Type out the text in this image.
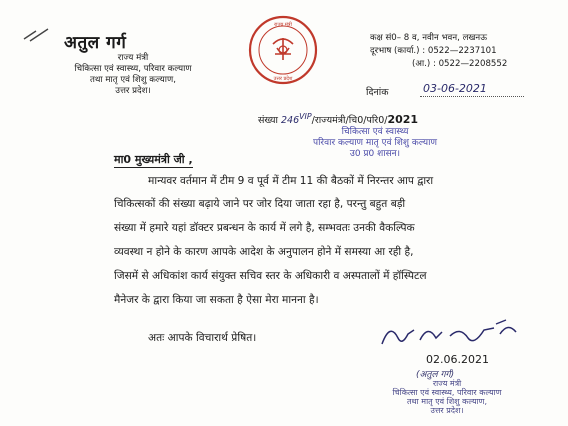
अतुल गर्ग
राज्य मंत्री
चिकित्सा एवं स्वास्थ्य, परिवार कल्याण
तथा मातृ एवं शिशु कल्याण,
उत्तर प्रदेश।
राज्य मंत्री
उत्तर प्रदेश
कक्ष सं0– 8 व, नवीन भवन, लखनऊ
दूरभाष (कार्या.) : 0522—2237101
(आ.) : 0522—2208552
दिनांक	03-06-2021
संख्या $246^{VIP}/राज्यमंत्री/चि0/परि0/2021$
चिकित्सा एवं स्वास्थ्य
परिवार कल्याण मातृ एवं शिशु कल्याण
उ0 प्र0 शासन।
मा0 मुख्यमंत्री जी ,
मान्यवर वर्तमान में टीम 9 व पूर्व में टीम 11 की बैठकों में निरन्तर आप द्वारा
चिकित्सकों की संख्या बढ़ाये जाने पर जोर दिया जाता रहा है, परन्तु बहुत बड़ी
संख्या में हमारे यहां डॉक्टर प्रबन्धन के कार्य में लगे है, सम्भवतः उनकी वैकल्पिक
व्यवस्था न होने के कारण आपके आदेश के अनुपालन होने में समस्या आ रही है,
जिसमें से अधिकांश कार्य संयुक्त सचिव स्तर के अधिकारी व अस्पतालों में हॉस्पिटल
मैनेजर के द्वारा किया जा सकता है ऐसा मेरा मानना है।
अतः आपके विचारार्थ प्रेषित।
02.06.2021
(अतुल गर्ग)
राज्य मंत्री
चिकित्सा एवं स्वास्थ्य, परिवार कल्याण
तथा मातृ एवं शिशु कल्याण,
उत्तर प्रदेश।
